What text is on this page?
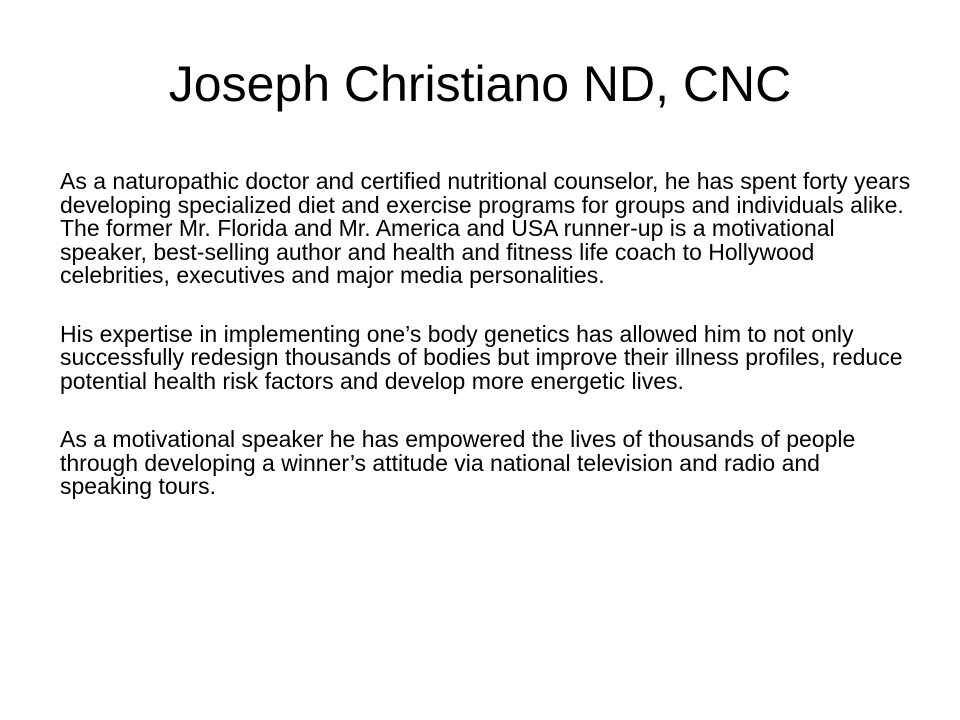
Joseph Christiano ND, CNC

As a naturopathic doctor and certified nutritional counselor, he has spent forty years developing specialized diet and exercise programs for groups and individuals alike. The former Mr. Florida and Mr. America and USA runner-up is a motivational speaker, best-selling author and health and fitness life coach to Hollywood celebrities, executives and major media personalities.

His expertise in implementing one’s body genetics has allowed him to not only successfully redesign thousands of bodies but improve their illness profiles, reduce potential health risk factors and develop more energetic lives.

As a motivational speaker he has empowered the lives of thousands of people through developing a winner’s attitude via national television and radio and speaking tours.
